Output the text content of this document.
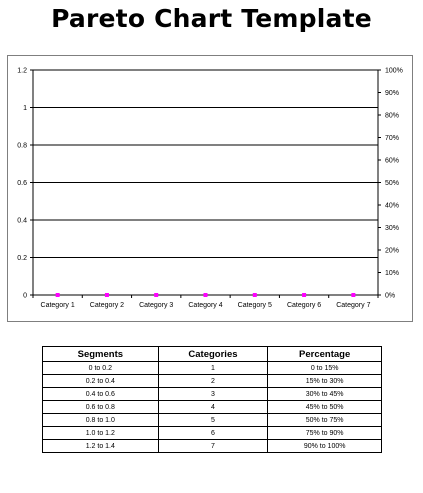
Pareto Chart Template
0
0.2
0.4
0.6
0.8
1
1.2
0%
10%
20%
30%
40%
50%
60%
70%
80%
90%
100%
Category 1 Category 2 Category 3 Category 4 Category 5 Category 6 Category 7
Segments	Categories	Percentage
0 to 0.2	1	0 to 15%
0.2 to 0.4	2	15% to 30%
0.4 to 0.6	3	30% to 45%
0.6 to 0.8	4	45% to 50%
0.8 to 1.0	5	50% to 75%
1.0 to 1.2	6	75% to 90%
1.2 to 1.4	7	90% to 100%
